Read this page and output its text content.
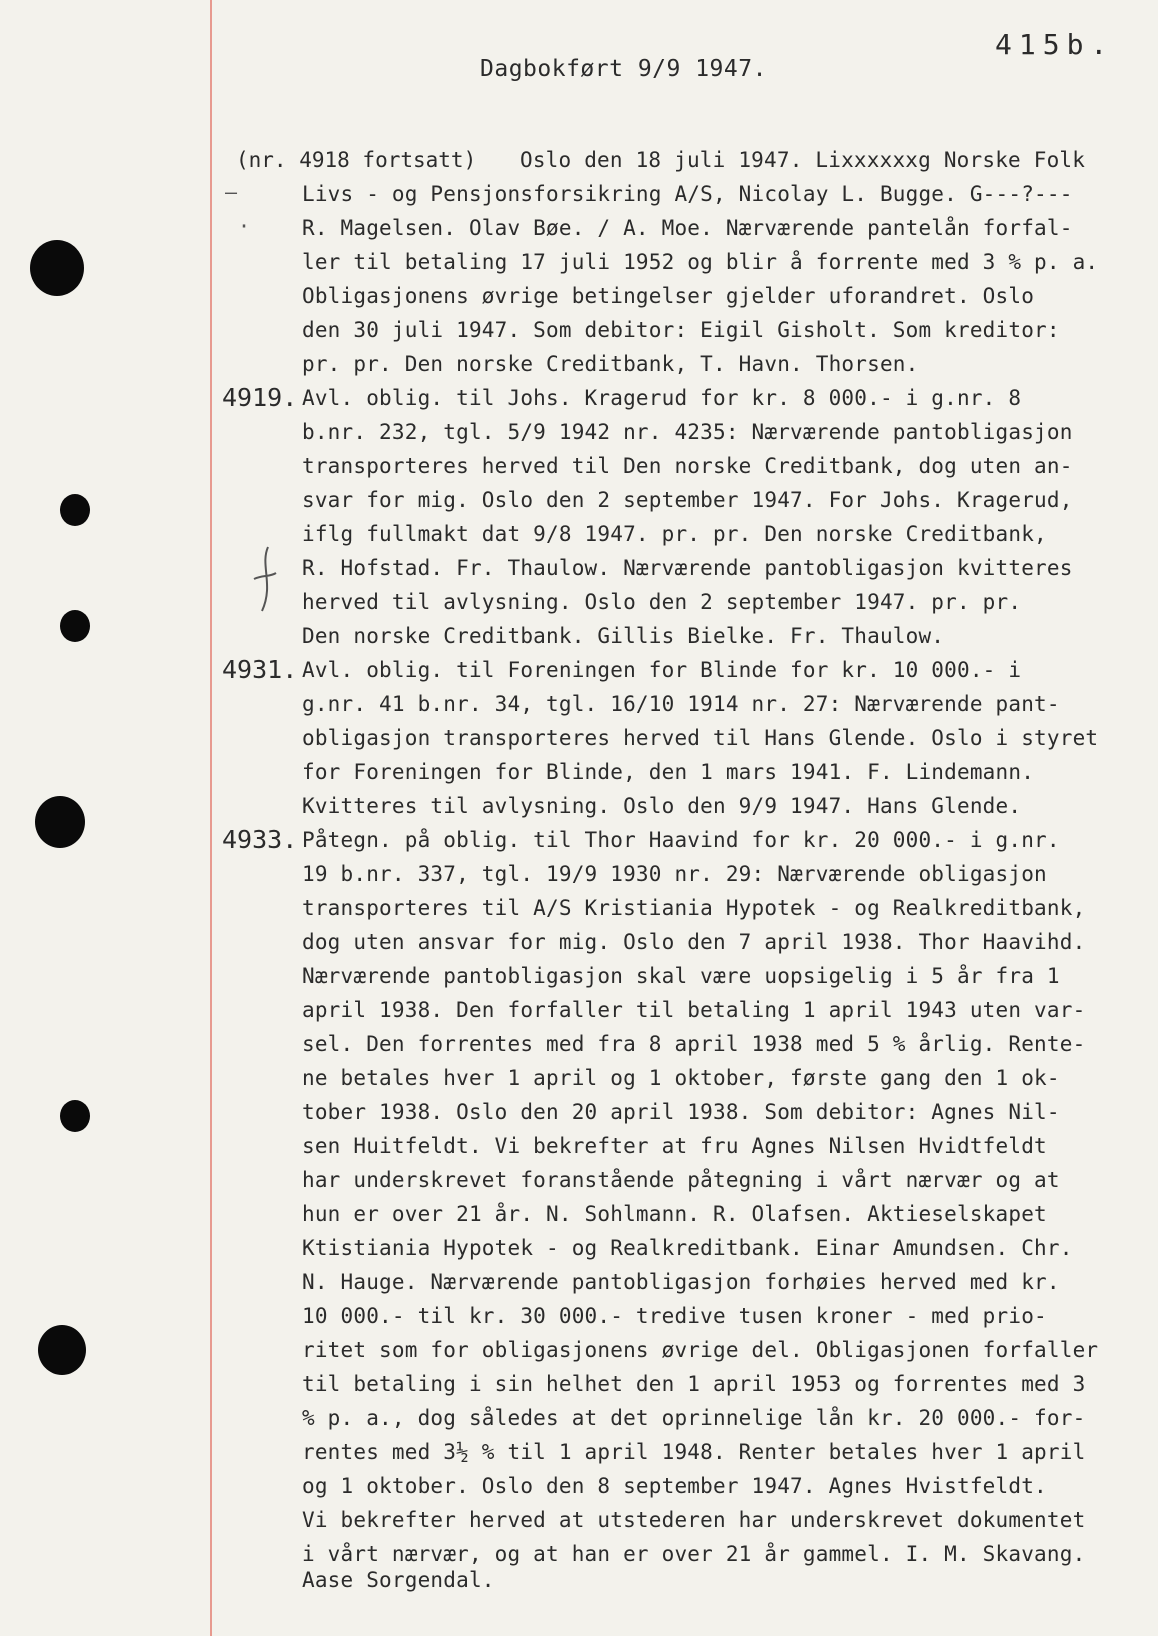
Dagbokført 9/9 1947.
415b.
(nr. 4918 fortsatt)
–
·
4919.
4931.
4933.
Oslo den 18 juli 1947. Lixxxxxxg Norske Folk
Livs - og Pensjonsforsikring A/S, Nicolay L. Bugge. G---?---
R. Magelsen. Olav Bøe. / A. Moe. Nærværende pantelån forfal-
ler til betaling 17 juli 1952 og blir å forrente med 3 % p. a.
Obligasjonens øvrige betingelser gjelder uforandret. Oslo
den 30 juli 1947. Som debitor: Eigil Gisholt. Som kreditor:
pr. pr. Den norske Creditbank, T. Havn. Thorsen.
Avl. oblig. til Johs. Kragerud for kr. 8 000.- i g.nr. 8
b.nr. 232, tgl. 5/9 1942 nr. 4235: Nærværende pantobligasjon
transporteres herved til Den norske Creditbank, dog uten an-
svar for mig. Oslo den 2 september 1947. For Johs. Kragerud,
iflg fullmakt dat 9/8 1947. pr. pr. Den norske Creditbank,
R. Hofstad. Fr. Thaulow. Nærværende pantobligasjon kvitteres
herved til avlysning. Oslo den 2 september 1947. pr. pr.
Den norske Creditbank. Gillis Bielke. Fr. Thaulow.
Avl. oblig. til Foreningen for Blinde for kr. 10 000.- i
g.nr. 41 b.nr. 34, tgl. 16/10 1914 nr. 27: Nærværende pant-
obligasjon transporteres herved til Hans Glende. Oslo i styret
for Foreningen for Blinde, den 1 mars 1941. F. Lindemann.
Kvitteres til avlysning. Oslo den 9/9 1947. Hans Glende.
Påtegn. på oblig. til Thor Haavind for kr. 20 000.- i g.nr.
19 b.nr. 337, tgl. 19/9 1930 nr. 29: Nærværende obligasjon
transporteres til A/S Kristiania Hypotek - og Realkreditbank,
dog uten ansvar for mig. Oslo den 7 april 1938. Thor Haavihd.
Nærværende pantobligasjon skal være uopsigelig i 5 år fra 1
april 1938. Den forfaller til betaling 1 april 1943 uten var-
sel. Den forrentes med fra 8 april 1938 med 5 % årlig. Rente-
ne betales hver 1 april og 1 oktober, første gang den 1 ok-
tober 1938. Oslo den 20 april 1938. Som debitor: Agnes Nil-
sen Huitfeldt. Vi bekrefter at fru Agnes Nilsen Hvidtfeldt
har underskrevet foranstående påtegning i vårt nærvær og at
hun er over 21 år. N. Sohlmann. R. Olafsen. Aktieselskapet
Ktistiania Hypotek - og Realkreditbank. Einar Amundsen. Chr.
N. Hauge. Nærværende pantobligasjon forhøies herved med kr.
10 000.- til kr. 30 000.- tredive tusen kroner - med prio-
ritet som for obligasjonens øvrige del. Obligasjonen forfaller
til betaling i sin helhet den 1 april 1953 og forrentes med 3
% p. a., dog således at det oprinnelige lån kr. 20 000.- for-
rentes med 3½ % til 1 april 1948. Renter betales hver 1 april
og 1 oktober. Oslo den 8 september 1947. Agnes Hvistfeldt.
Vi bekrefter herved at utstederen har underskrevet dokumentet
i vårt nærvær, og at han er over 21 år gammel. I. M. Skavang.
Aase Sorgendal.
